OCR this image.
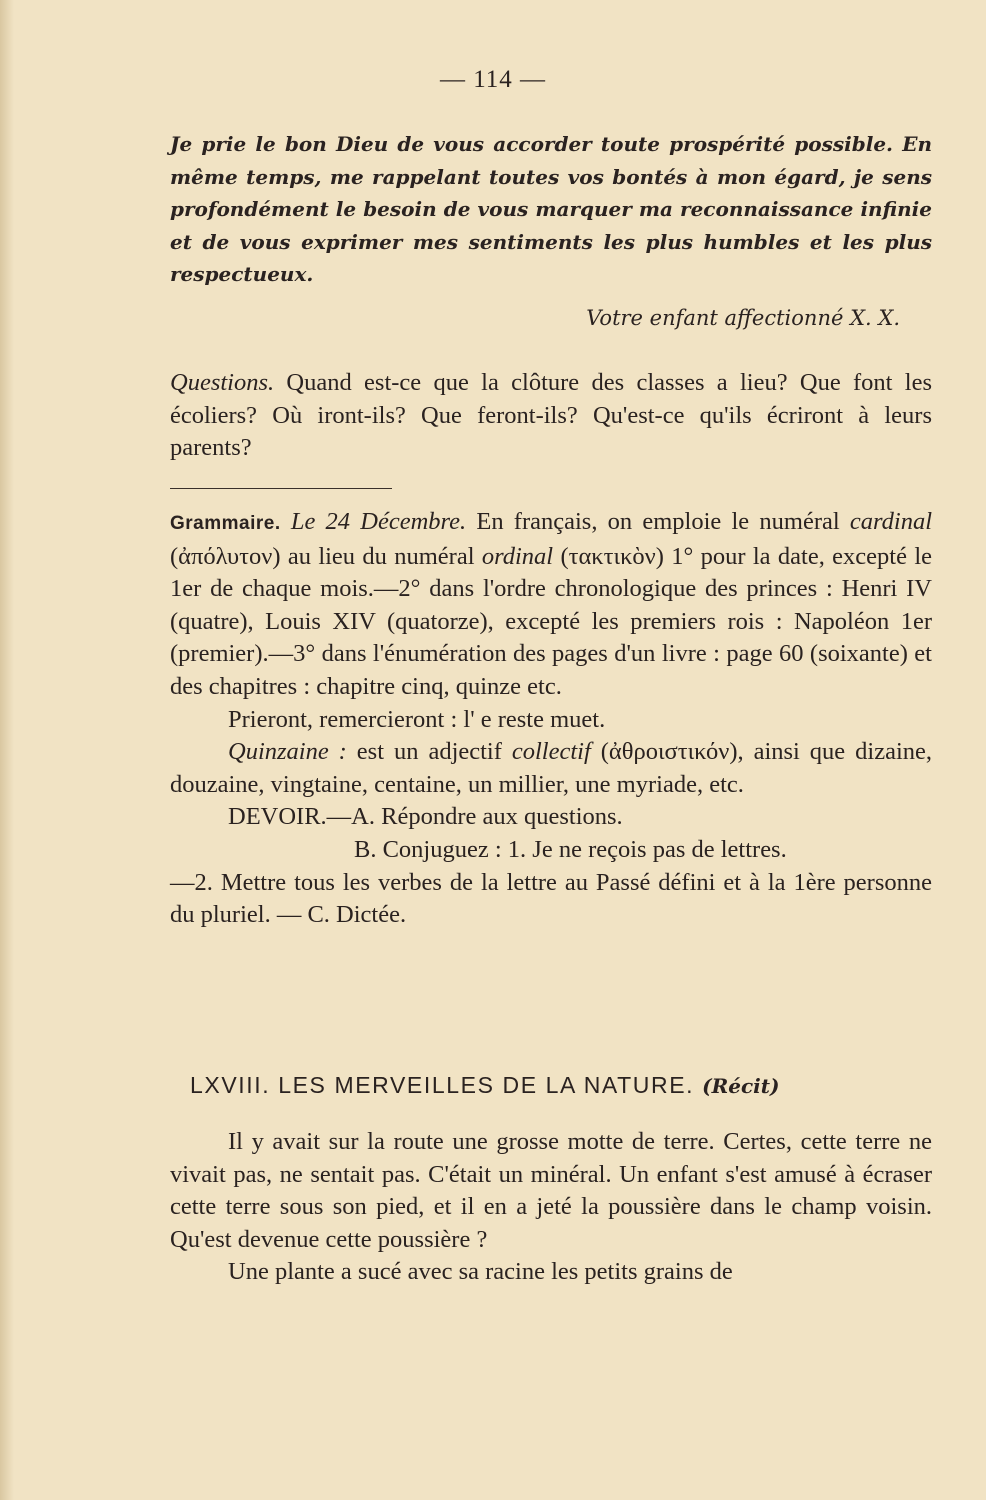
— 114 —

Je prie le bon Dieu de vous accorder toute prospérité possible. En même temps, me rappelant toutes vos bontés à mon égard, je sens profondément le besoin de vous marquer ma reconnaissance infinie et de vous exprimer mes sentiments les plus humbles et les plus respectueux.

Votre enfant affectionné X. X.

Questions. Quand est-ce que la clôture des classes a lieu? Que font les écoliers? Où iront-ils? Que feront-ils? Qu'est-ce qu'ils écriront à leurs parents?

Grammaire. Le 24 Décembre. En français, on emploie le numéral cardinal (ἀπόλυτον) au lieu du numéral ordinal (τακτικὸν) 1° pour la date, excepté le 1er de chaque mois.—2° dans l'ordre chronologique des princes : Henri IV (quatre), Louis XIV (quatorze), excepté les premiers rois : Napoléon 1er (premier).—3° dans l'énumération des pages d'un livre : page 60 (soixante) et des chapitres : chapitre cinq, quinze etc.

Prieront, remercieront : l' e reste muet.

Quinzaine : est un adjectif collectif (ἀθροιστικόν), ainsi que dizaine, douzaine, vingtaine, centaine, un millier, une myriade, etc.

DEVOIR.—A. Répondre aux questions.

B. Conjuguez : 1. Je ne reçois pas de lettres.

—2. Mettre tous les verbes de la lettre au Passé défini et à la 1ère personne du pluriel. — C. Dictée.

LXVIII. LES MERVEILLES DE LA NATURE. (Récit)

Il y avait sur la route une grosse motte de terre. Certes, cette terre ne vivait pas, ne sentait pas. C'était un minéral. Un enfant s'est amusé à écraser cette terre sous son pied, et il en a jeté la poussière dans le champ voisin. Qu'est devenue cette poussière ?

Une plante a sucé avec sa racine les petits grains de
